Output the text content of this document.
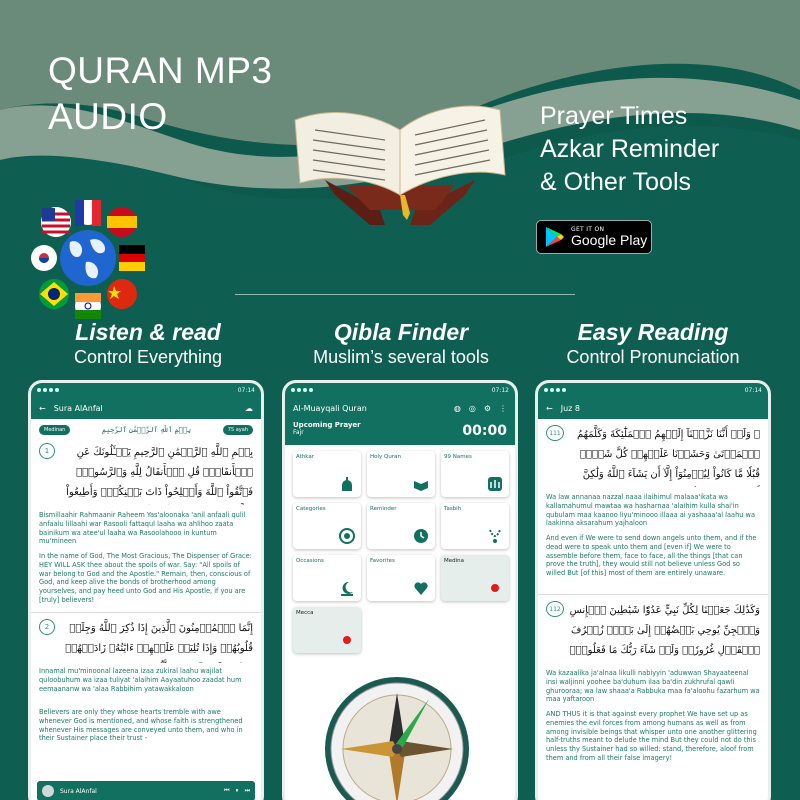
QURAN MP3
AUDIO	Prayer Times
Azkar Reminder
& Other Tools
GET IT ON
Google Play
Listen & read
Control Everything
Qibla Finder
Muslim’s several tools
Easy Reading
Control Pronunciation
07:14
← Sura AlAnfal	☁
Medinan	بِسۡمِ ٱللَّهِ ٱلرَّحۡمَٰنِ ٱلرَّحِيمِ	75 ayah
1	بِسۡمِ ٱللَّهِ ٱلرَّحۡمَٰنِ ٱلرَّحِيمِ يَسۡـَٔلُونَكَ عَنِ ٱلۡأَنفَالِۖ قُلِ ٱلۡأَنفَالُ لِلَّهِ وَٱلرَّسُولِۖ فَٱتَّقُواْ ٱللَّهَ وَأَصۡلِحُواْ ذَاتَ بَيۡنِكُمۡۖ وَأَطِيعُواْ
Bismillaahir Rahmaanir Raheem Yas'aloonaka 'anil anfaali qulil anfaalu lillaahi war Rasooli fattaqul laaha wa ahlihoo zaata bainikum wa atee'ul laaha wa Rasoolahooo in kuntum mu'mineen
In the name of God, The Most Gracious, The Dispenser of Grace: HEY WILL ASK thee about the spoils of war. Say: "All spoils of war belong to God and the Apostle." Remain, then, conscious of God, and keep alive the bonds of brotherhood among yourselves, and pay heed unto God and His Apostle, if you are [truly] believers!
2	إِنَّمَا ٱلۡمُؤۡمِنُونَ ٱلَّذِينَ إِذَا ذُكِرَ ٱللَّهُ وَجِلَتۡ قُلُوبُهُمۡ وَإِذَا تُلِيَتۡ عَلَيۡهِمۡ ءَايَٰتُهُۥ زَادَتۡهُمۡ
Innamal mu'minoonal lazeena izaa zukiral laahu wajilat quloobuhum wa izaa tuliyat 'alaihim Aayaatuhoo zaadat hum eemaananw wa 'alaa Rabbihim yatawakkaloon
Believers are only they whose hearts tremble with awe whenever God is mentioned, and whose faith is strengthened whenever His messages are conveyed unto them, and who in their Sustainer place their trust -
Sura AlAnfal	⏮ ⏸ ⏭
07:12
Al-Muayqali Quran	◍ ◎ ⚙ ⋮
Upcoming Prayer
Fajr	00:00
Athkar	Holy Quran	99 Names
Categories	Reminder	Tasbih
Occasions	Favorites	Medina
Mecca
07:14
← Juz 8
111	۞ وَلَوۡ أَنَّنَا نَزَّلۡنَآ إِلَيۡهِمُ ٱلۡمَلَٰٓئِكَةَ وَكَلَّمَهُمُ ٱلۡمَوۡتَىٰ وَحَشَرۡنَا عَلَيۡهِمۡ كُلَّ شَيۡءٖ قُبُلٗا مَّا كَانُواْ لِيُؤۡمِنُوٓاْ إِلَّآ أَن يَشَآءَ ٱللَّهُ وَلَٰكِنَّ
Wa law annanaa nazzal naaa ilaihimul malaaa'ikata wa kallamahumul mawtaa wa hasharnaa 'alaihim kulla shai'in qubulam maa kaanoo liyu'minooo illaaa ai yashaaa'al laahu wa laakinna aksarahum yajhaloon
And even if We were to send down angels unto them, and if the dead were to speak unto them and [even if] We were to assemble before them, face to face, all the things [that can prove the truth], they would still not believe unless God so willed But [of this] most of them are entirely unaware.
112	وَكَذَٰلِكَ جَعَلۡنَا لِكُلِّ نَبِيٍّ عَدُوّٗا شَيَٰطِينَ ٱلۡإِنسِ وَٱلۡجِنِّ يُوحِي بَعۡضُهُمۡ إِلَىٰ بَعۡضٖ زُخۡرُفَ ٱلۡقَوۡلِ غُرُورٗاۚ وَلَوۡ شَآءَ رَبُّكَ مَا فَعَلُوهُۖ
Wa kazaalika ja'alnaa likulli nabiyyin 'aduwwan Shayaateenal insi waljinni yoohee ba'duhum ilaa ba'din zukhrufal qawli ghurooraa; wa law shaaa'a Rabbuka maa fa'aloohu fazarhum wa maa yaftaroon
AND THUS it is that against every prophet We have set up as enemies the evil forces from among humans as well as from among invisible beings that whisper unto one another glittering half-truths meant to delude the mind But they could not do this unless thy Sustainer had so willed: stand, therefore, aloof from them and from all their false imagery!
